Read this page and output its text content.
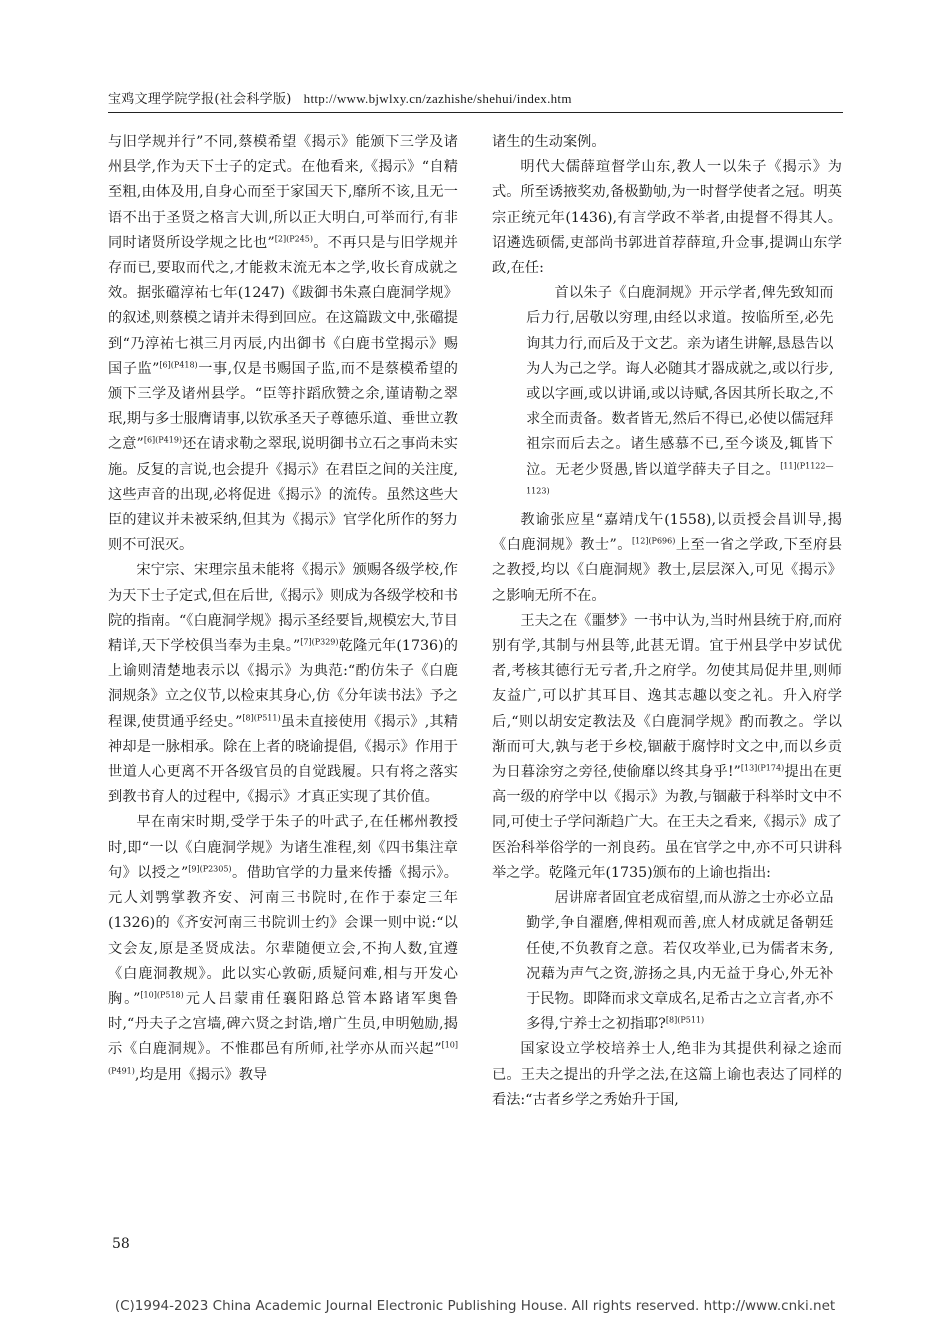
宝鸡文理学院学报(社会科学版) http://www.bjwlxy.cn/zazhishe/shehui/index.htm

与旧学规并行”不同,蔡模希望《揭示》能颁下三学及诸州县学,作为天下士子的定式。在他看来,《揭示》“自精至粗,由体及用,自身心而至于家国天下,靡所不该,且无一语不出于圣贤之格言大训,所以正大明白,可举而行,有非同时诸贤所设学规之比也”$^{[2](P245)}$。不再只是与旧学规并存而已,要取而代之,才能救末流无本之学,收长育成就之效。据张礑淳祐七年(1247)《跋御书朱熹白鹿洞学规》的叙述,则蔡模之请并未得到回应。在这篇跋文中,张礑提到“乃淳祐七祺三月丙辰,内出御书《白鹿书堂揭示》赐国子监”$^{[6](P418)}$一事,仅是书赐国子监,而不是蔡模希望的颁下三学及诸州县学。“臣等抃蹈欣赞之余,谨请勒之翠珉,期与多士服膺请事,以钦承圣天子尊德乐道、垂世立教之意”$^{[6](P419)}$还在请求勒之翠珉,说明御书立石之事尚未实施。反复的言说,也会提升《揭示》在君臣之间的关注度,这些声音的出现,必将促进《揭示》的流传。虽然这些大臣的建议并未被采纳,但其为《揭示》官学化所作的努力则不可泯灭。

宋宁宗、宋理宗虽未能将《揭示》颁赐各级学校,作为天下士子定式,但在后世,《揭示》则成为各级学校和书院的指南。“《白鹿洞学规》揭示圣经要旨,规模宏大,节目精详,天下学校俱当奉为圭臬。”$^{[7](P329)}$乾隆元年(1736)的上谕则清楚地表示以《揭示》为典范:“酌仿朱子《白鹿洞规条》立之仪节,以检束其身心,仿《分年读书法》予之程课,使贯通乎经史。”$^{[8](P511)}$虽未直接使用《揭示》,其精神却是一脉相承。除在上者的晓谕提倡,《揭示》作用于世道人心更离不开各级官员的自觉践履。只有将之落实到教书育人的过程中,《揭示》才真正实现了其价值。

早在南宋时期,受学于朱子的叶武子,在任郴州教授时,即“一以《白鹿洞学规》为诸生准程,刻《四书集注章句》以授之”$^{[9](P2305)}$。借助官学的力量来传播《揭示》。元人刘鹗掌教齐安、河南三书院时,在作于泰定三年(1326)的《齐安河南三书院训士约》会课一则中说:“以文会友,原是圣贤成法。尔辈随便立会,不拘人数,宜遵《白鹿洞教规》。此以实心敦砺,质疑问难,相与开发心胸。”$^{[10](P518)}$元人吕蒙甫任襄阳路总管本路诸军奥鲁时,“丹夫子之宫墙,碑六贤之封诰,增广生员,申明勉励,揭示《白鹿洞规》。不惟郡邑有所师,社学亦从而兴起”$^{[10](P491)}$,均是用《揭示》教导

诸生的生动案例。

明代大儒薛瑄督学山东,教人一以朱子《揭示》为式。所至诱掖奖劝,备极勤劬,为一时督学使者之冠。明英宗正统元年(1436),有言学政不举者,由提督不得其人。诏遴选硕儒,吏部尚书郭进首荐薛瑄,升佥事,提调山东学政,在任:

首以朱子《白鹿洞规》开示学者,俾先致知而后力行,居敬以穷理,由经以求道。按临所至,必先询其力行,而后及于文艺。亲为诸生讲解,恳恳告以为人为己之学。诲人必随其才器成就之,或以行步,或以字画,或以讲诵,或以诗赋,各因其所长取之,不求全而责备。数者皆无,然后不得已,必使以儒冠拜祖宗而后去之。诸生感慕不已,至今谈及,辄皆下泣。无老少贤愚,皆以道学薛夫子目之。$^{[11](P1122—1123)}$

教谕张应星“嘉靖戊午(1558),以贡授会昌训导,揭《白鹿洞规》教士”。$^{[12](P696)}$上至一省之学政,下至府县之教授,均以《白鹿洞规》教士,层层深入,可见《揭示》之影响无所不在。

王夫之在《噩梦》一书中认为,当时州县统于府,而府别有学,其制与州县等,此甚无谓。宜于州县学中岁试优者,考核其德行无亏者,升之府学。勿使其局促井里,则师友益广,可以扩其耳目、逸其志趣以变之礼。升入府学后,“则以胡安定教法及《白鹿洞学规》酌而教之。学以渐而可大,孰与老于乡校,锢蔽于腐悖时文之中,而以乡贡为日暮涂穷之旁径,使偷靡以终其身乎!”$^{[13](P174)}$提出在更高一级的府学中以《揭示》为教,与锢蔽于科举时文中不同,可使士子学问渐趋广大。在王夫之看来,《揭示》成了医治科举俗学的一剂良药。虽在官学之中,亦不可只讲科举之学。乾隆元年(1735)颁布的上谕也指出:

居讲席者固宜老成宿望,而从游之士亦必立品勤学,争自濯磨,俾相观而善,庶人材成就足备朝廷任使,不负教育之意。若仅攻举业,已为儒者末务,况藉为声气之资,游扬之具,内无益于身心,外无补于民物。即降而求文章成名,足希古之立言者,亦不多得,宁养士之初指耶?$^{[8](P511)}$

国家设立学校培养士人,绝非为其提供利禄之途而已。王夫之提出的升学之法,在这篇上谕也表达了同样的看法:“古者乡学之秀始升于国,

58
(C)1994-2023 China Academic Journal Electronic Publishing House. All rights reserved. http://www.cnki.net
